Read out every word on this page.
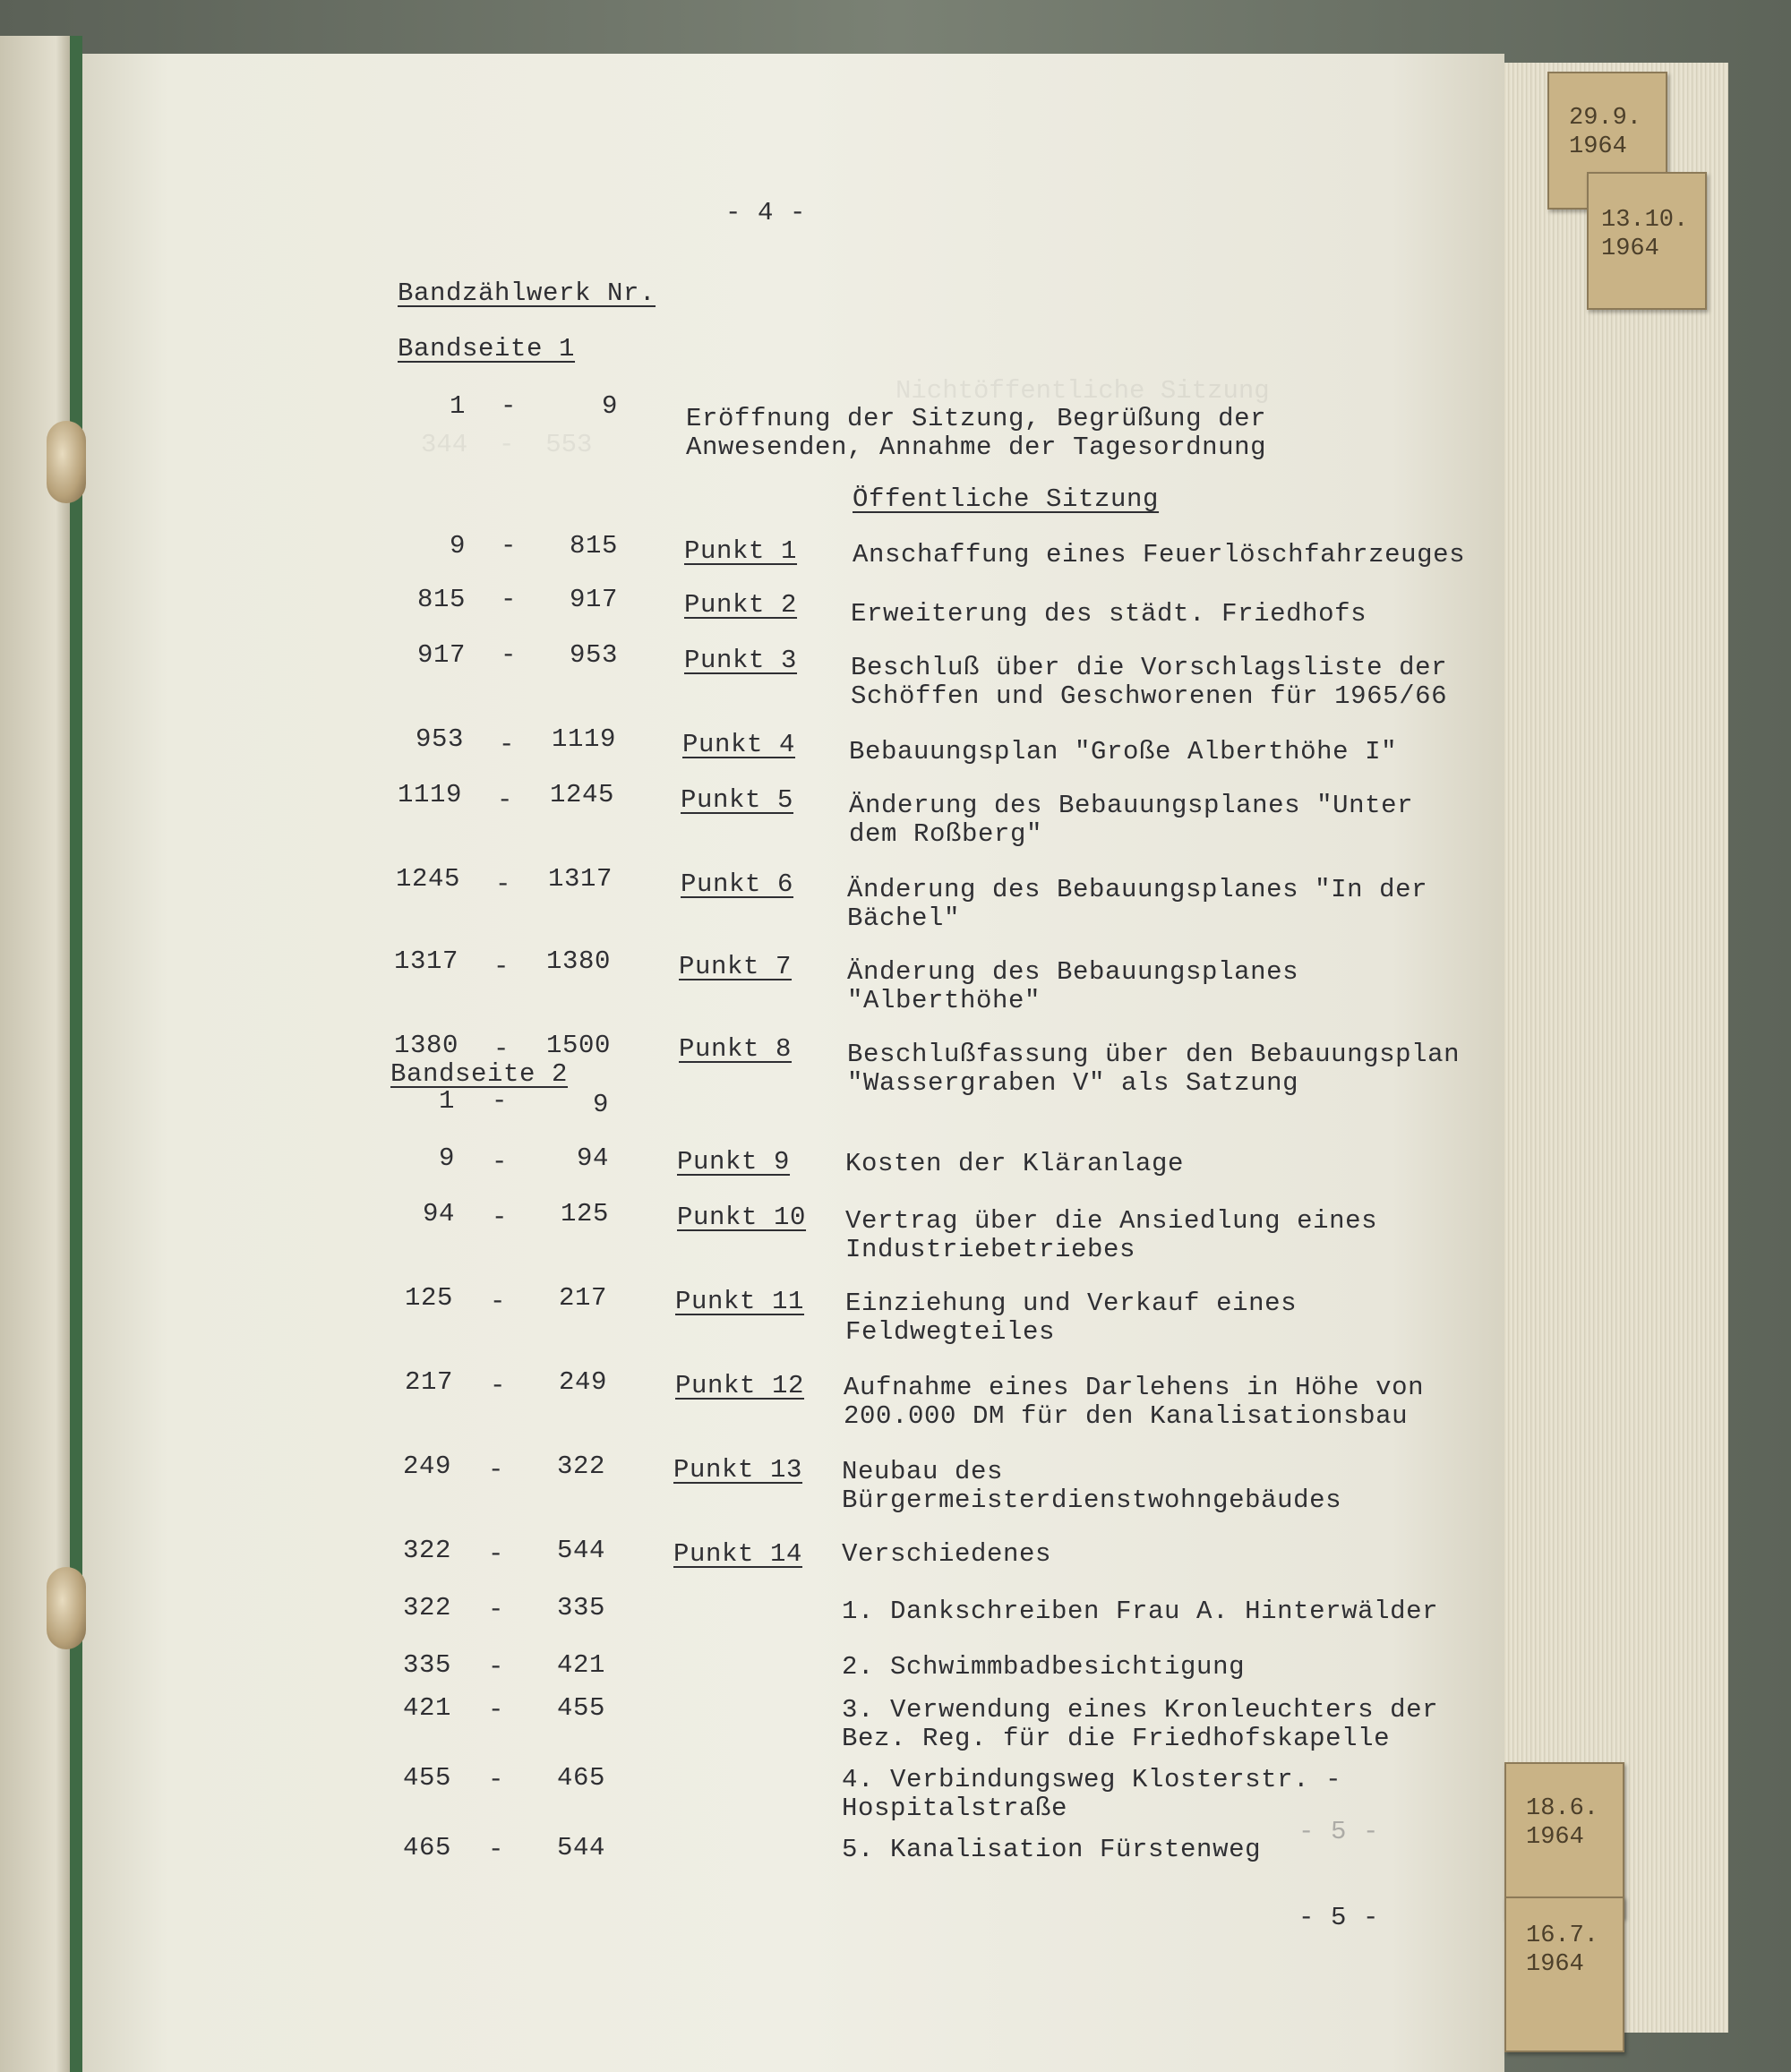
29.9.
1964
13.10.
1964
18.6.
1964
16.7.
1964
Nichtöffentliche Sitzung
344  -  553
- 5 -
- 4 -
Bandzählwerk Nr.
Bandseite 1
Öffentliche Sitzung
Bandseite 2
1 -	9	Eröffnung der Sitzung, Begrüßung der Anwesenden, Annahme der Tagesordnung
9 -	815	Punkt 1 Anschaffung eines Feuerlöschfahrzeuges
815 -	917	Punkt 2 Erweiterung des städt. Friedhofs
917 -	953	Punkt 3 Beschluß über die Vorschlagsliste der Schöffen und Geschworenen für 1965/66
953 -	1119	Punkt 4 Bebauungsplan "Große Alberthöhe I"
1119 -	1245	Punkt 5 Änderung des Bebauungsplanes "Unter dem Roßberg"
1245 -	1317	Punkt 6 Änderung des Bebauungsplanes "In der Bächel"
1317 -	1380	Punkt 7 Änderung des Bebauungsplanes "Alberthöhe"
1380 -	1500	Punkt 8 Beschlußfassung über den Bebauungsplan "Wassergraben V" als Satzung
1 -	9
9 -	94	Punkt 9 Kosten der Kläranlage
94 -	125	Punkt 10 Vertrag über die Ansiedlung eines Industriebetriebes
125 -	217	Punkt 11 Einziehung und Verkauf eines Feldwegteiles
217 -	249	Punkt 12 Aufnahme eines Darlehens in Höhe von 200.000 DM für den Kanalisationsbau
249 -	322	Punkt 13 Neubau des Bürgermeisterdienstwohngebäudes
322 -	544	Punkt 14 Verschiedenes
322 -	335	1. Dankschreiben Frau A. Hinterwälder
335 -	421	2. Schwimmbadbesichtigung
421 -	455	3. Verwendung eines Kronleuchters der Bez. Reg. für die Friedhofskapelle
455 -	465	4. Verbindungsweg Klosterstr. - Hospitalstraße
465 -	544	5. Kanalisation Fürstenweg
- 5 -
